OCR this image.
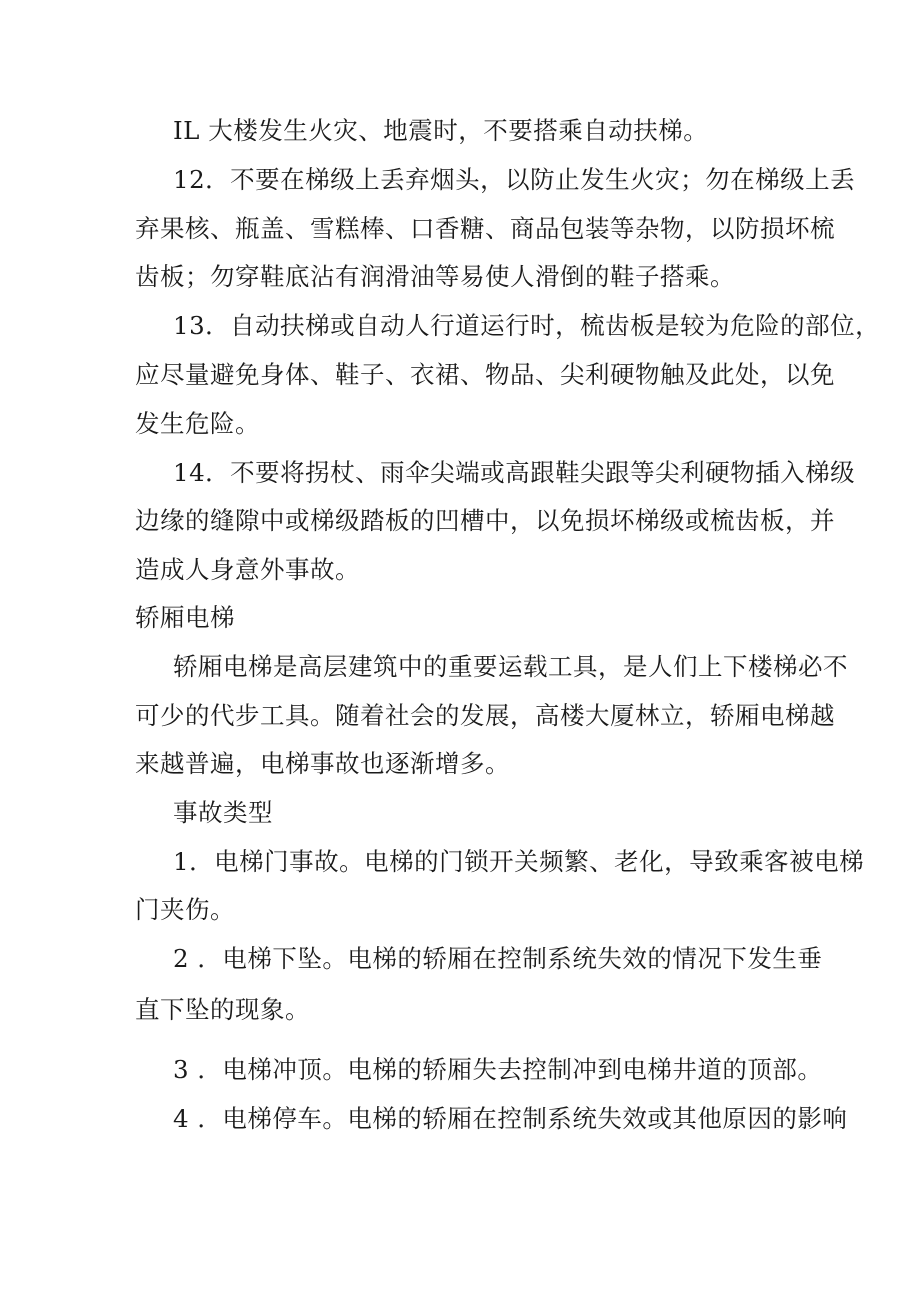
IL 大楼发生火灾、地震时，不要搭乘自动扶梯。
12．不要在梯级上丢弃烟头，以防止发生火灾；勿在梯级上丢
弃果核、瓶盖、雪糕棒、口香糖、商品包装等杂物，以防损坏梳
齿板；勿穿鞋底沾有润滑油等易使人滑倒的鞋子搭乘。
13．自动扶梯或自动人行道运行时，梳齿板是较为危险的部位，
应尽量避免身体、鞋子、衣裙、物品、尖利硬物触及此处，以免
发生危险。
14．不要将拐杖、雨伞尖端或高跟鞋尖跟等尖利硬物插入梯级
边缘的缝隙中或梯级踏板的凹槽中，以免损坏梯级或梳齿板，并
造成人身意外事故。
轿厢电梯
轿厢电梯是高层建筑中的重要运载工具，是人们上下楼梯必不
可少的代步工具。随着社会的发展，高楼大厦林立，轿厢电梯越
来越普遍，电梯事故也逐渐增多。
事故类型
1．电梯门事故。电梯的门锁开关频繁、老化，导致乘客被电梯
门夹伤。
2 ．电梯下坠。电梯的轿厢在控制系统失效的情况下发生垂
直下坠的现象。
3 ．电梯冲顶。电梯的轿厢失去控制冲到电梯井道的顶部。
4 ．电梯停车。电梯的轿厢在控制系统失效或其他原因的影响
